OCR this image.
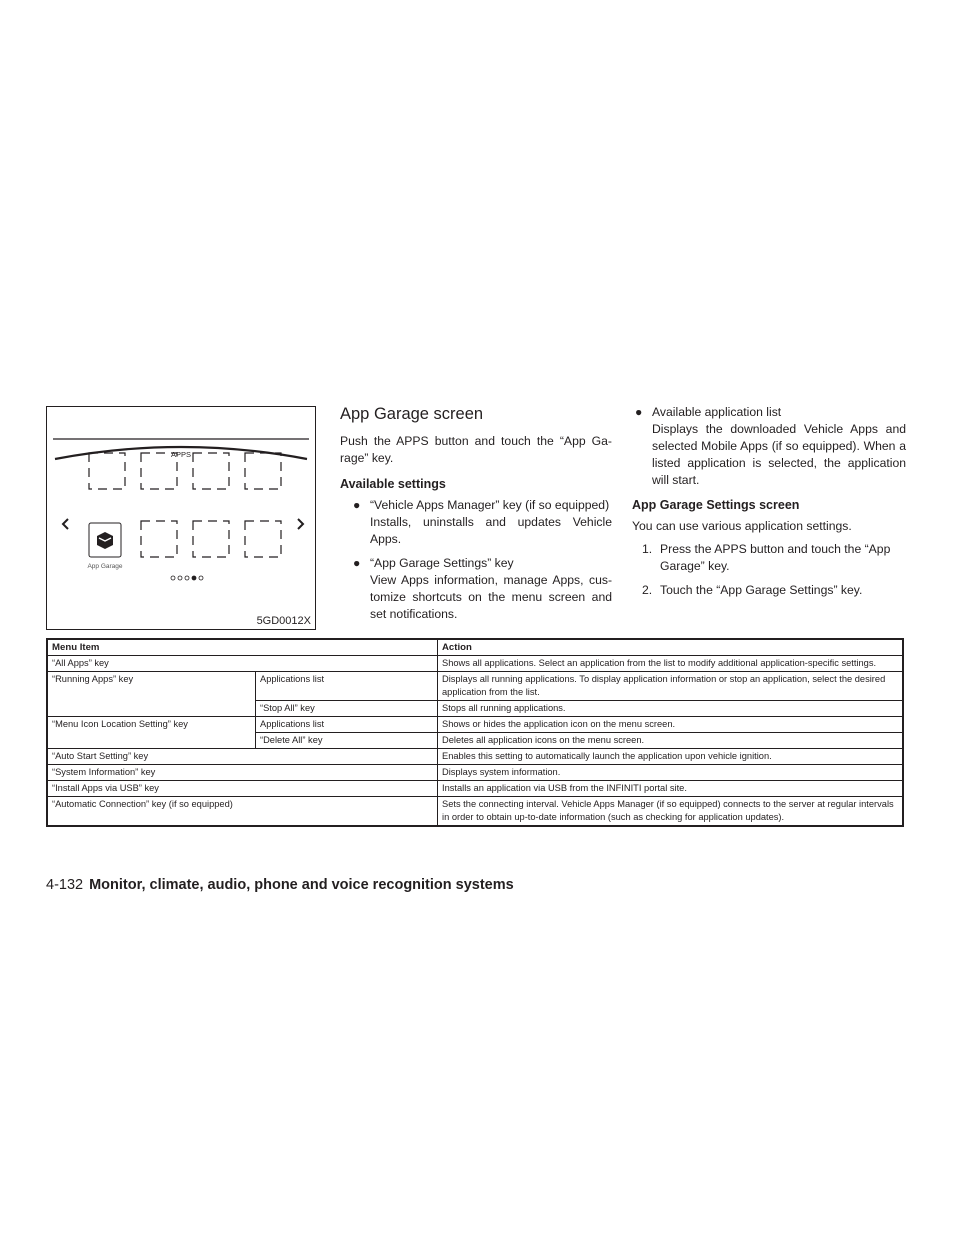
APPS
App Garage
5GD0012X
App Garage screen

Push the APPS button and touch the “App Ga-rage” key.

Available settings
● “Vehicle Apps Manager” key (if so equipped)
Installs, uninstalls and updates Vehicle Apps.
● “App Garage Settings” key
View Apps information, manage Apps, cus-tomize shortcuts on the menu screen and set notifications.
● Available application list
Displays the downloaded Vehicle Apps and selected Mobile Apps (if so equipped). When a listed application is selected, the application will start.
App Garage Settings screen

You can use various application settings.

1. Press the APPS button and touch the “App Garage” key.
2. Touch the “App Garage Settings” key.
Menu Item		Action
“All Apps” key		Shows all applications. Select an application from the list to modify additional application-specific settings.
“Running Apps” key	Applications list	Displays all running applications. To display application information or stop an application, select the desired application from the list.
	“Stop All” key	Stops all running applications.
“Menu Icon Location Setting” key	Applications list	Shows or hides the application icon on the menu screen.
	“Delete All” key	Deletes all application icons on the menu screen.
“Auto Start Setting” key		Enables this setting to automatically launch the application upon vehicle ignition.
“System Information” key		Displays system information.
“Install Apps via USB” key		Installs an application via USB from the INFINITI portal site.
“Automatic Connection” key (if so equipped)		Sets the connecting interval. Vehicle Apps Manager (if so equipped) connects to the server at regular intervals in order to obtain up-to-date information (such as checking for application updates).
4-132 Monitor, climate, audio, phone and voice recognition systems
